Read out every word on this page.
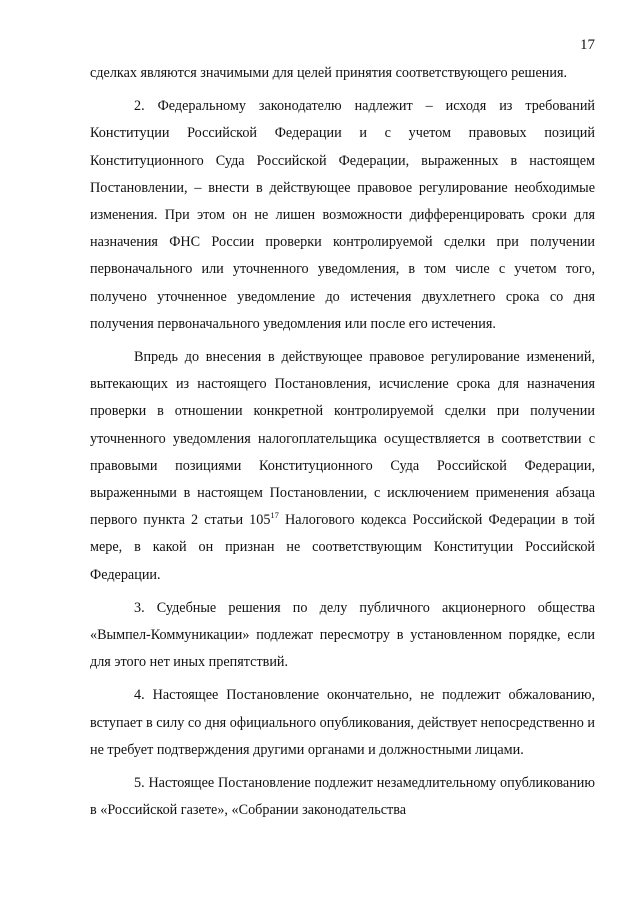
17

сделках являются значимыми для целей принятия соответствующего решения.

2. Федеральному законодателю надлежит – исходя из требований Конституции Российской Федерации и с учетом правовых позиций Конституционного Суда Российской Федерации, выраженных в настоящем Постановлении, – внести в действующее правовое регулирование необходимые изменения. При этом он не лишен возможности дифференцировать сроки для назначения ФНС России проверки контролируемой сделки при получении первоначального или уточненного уведомления, в том числе с учетом того, получено уточненное уведомление до истечения двухлетнего срока со дня получения первоначального уведомления или после его истечения.

Впредь до внесения в действующее правовое регулирование изменений, вытекающих из настоящего Постановления, исчисление срока для назначения проверки в отношении конкретной контролируемой сделки при получении уточненного уведомления налогоплательщика осуществляется в соответствии с правовыми позициями Конституционного Суда Российской Федерации, выраженными в настоящем Постановлении, с исключением применения абзаца первого пункта 2 статьи $105^{17}$ Налогового кодекса Российской Федерации в той мере, в какой он признан не соответствующим Конституции Российской Федерации.

3. Судебные решения по делу публичного акционерного общества «Вымпел-Коммуникации» подлежат пересмотру в установленном порядке, если для этого нет иных препятствий.

4. Настоящее Постановление окончательно, не подлежит обжалованию, вступает в силу со дня официального опубликования, действует непосредственно и не требует подтверждения другими органами и должностными лицами.

5. Настоящее Постановление подлежит незамедлительному опубликованию в «Российской газете», «Собрании законодательства
